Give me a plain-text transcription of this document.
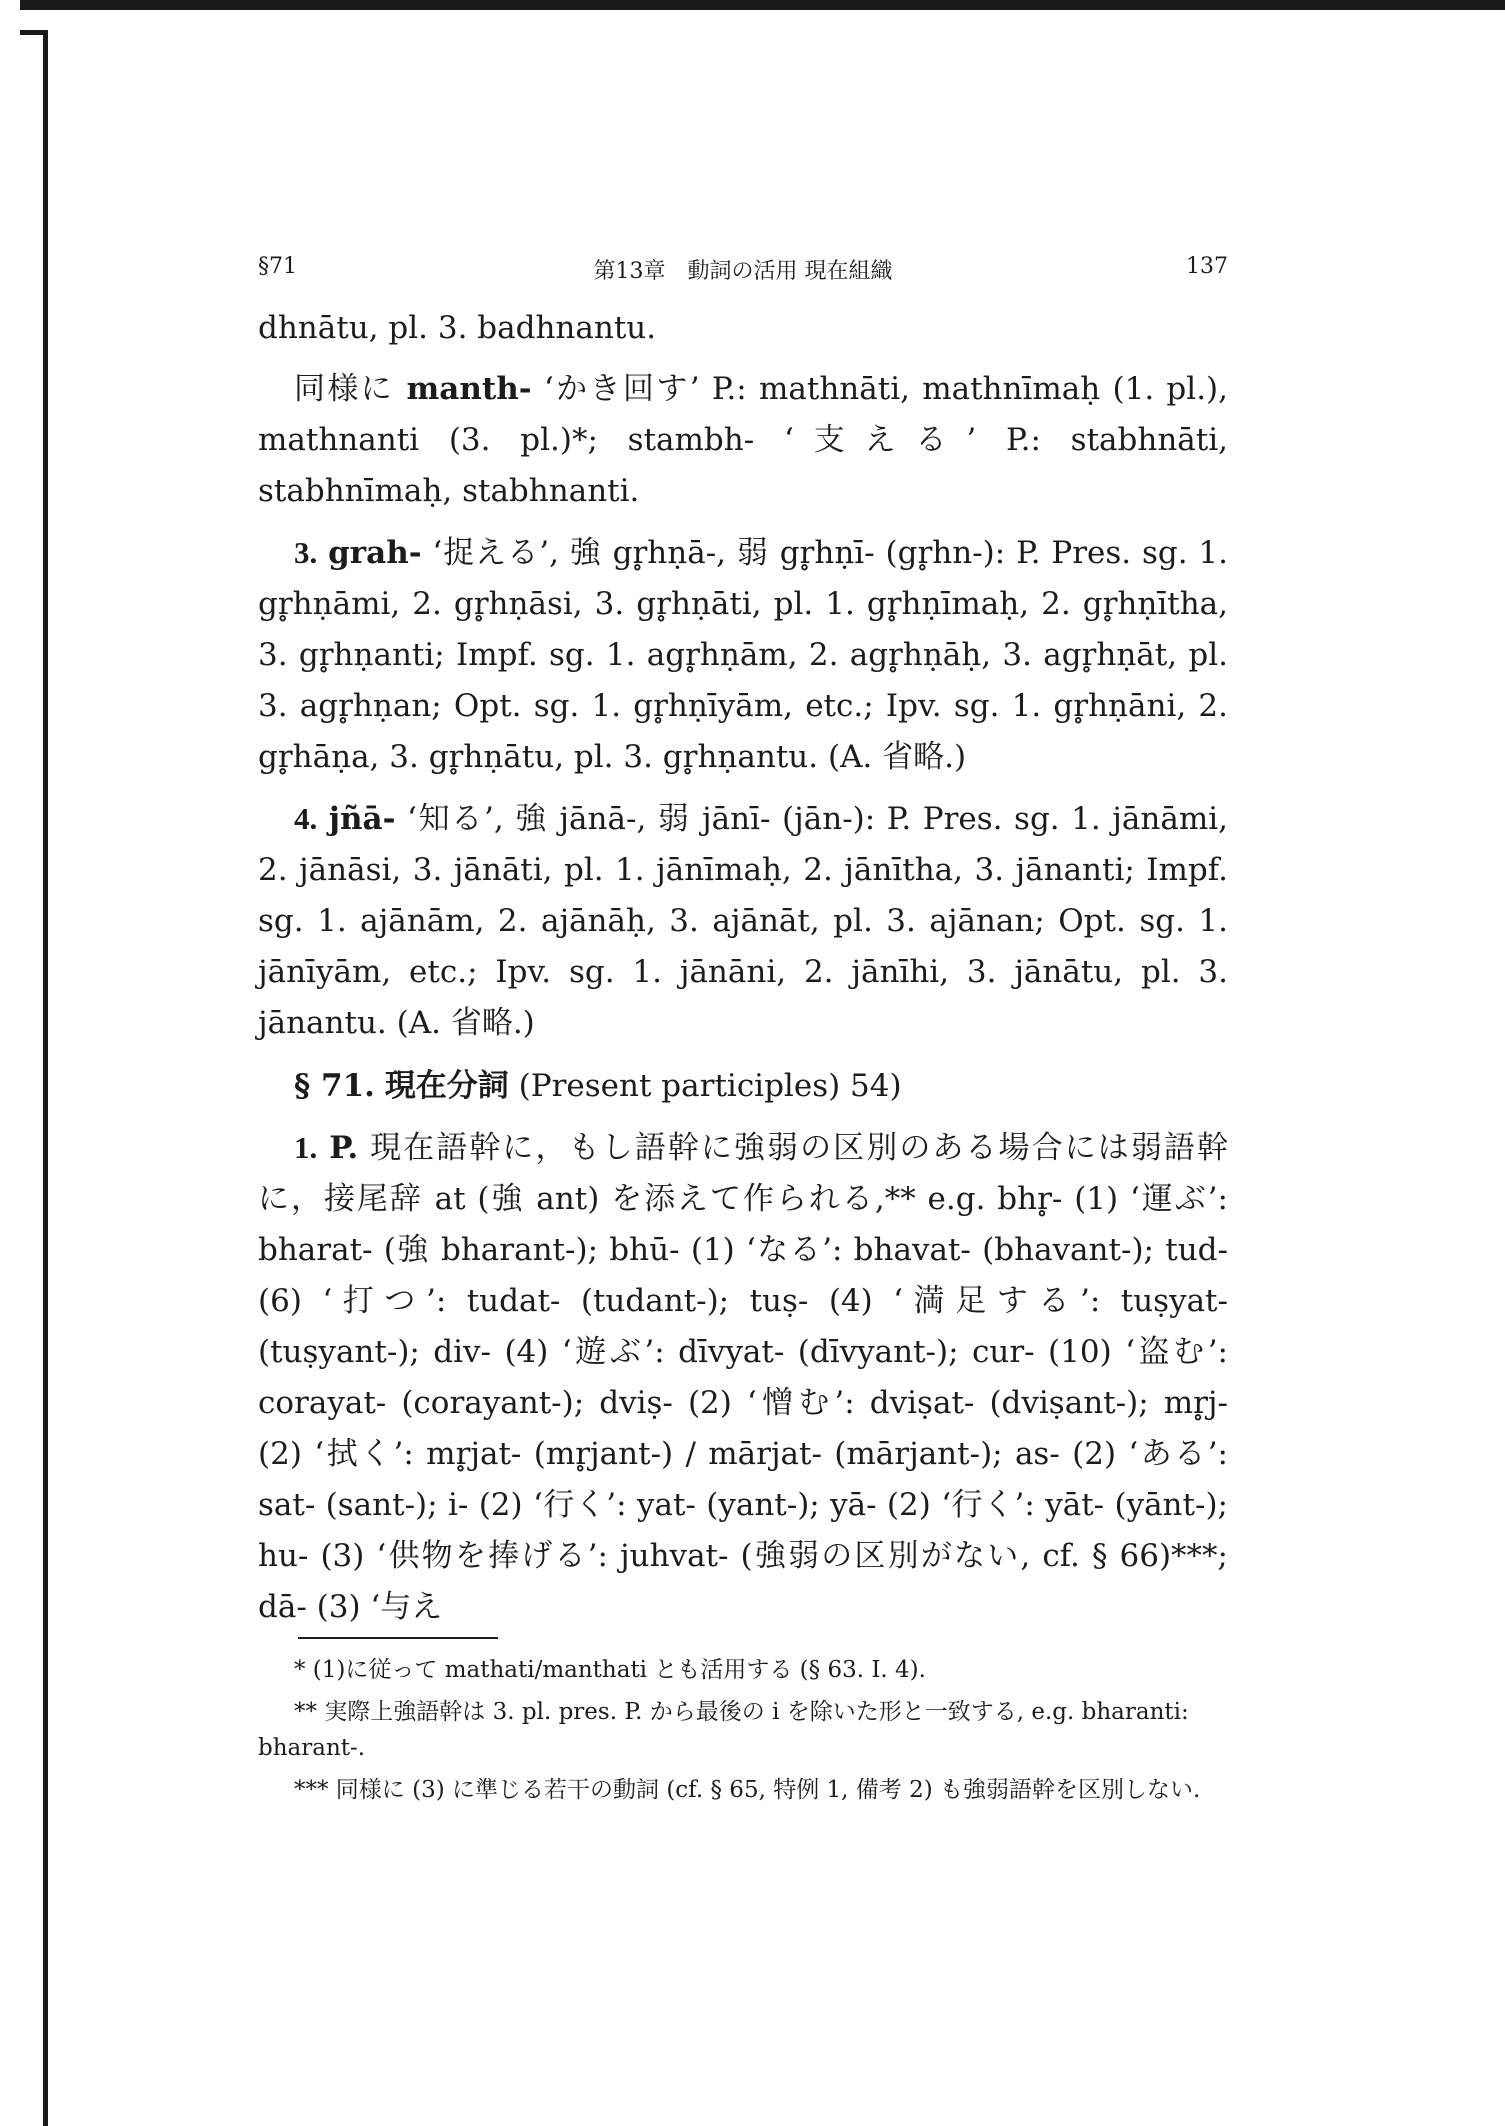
§71	第13章　動詞の活用 現在組織	137

dhnātu, pl. 3. badhnantu.

同様に manth- ‘かき回す’ P.: mathnāti, mathnīmaḥ (1. pl.), mathnanti (3. pl.)*; stambh- ‘支える’ P.: stabhnāti, stabhnīmaḥ, stabhnanti.

3. grah- ‘捉える’, 強 gr̥hṇā-, 弱 gr̥hṇī- (gr̥hn-): P. Pres. sg. 1. gr̥hṇāmi, 2. gr̥hṇāsi, 3. gr̥hṇāti, pl. 1. gr̥hṇīmaḥ, 2. gr̥hṇītha, 3. gr̥hṇanti; Impf. sg. 1. agr̥hṇām, 2. agr̥hṇāḥ, 3. agr̥hṇāt, pl. 3. agr̥hṇan; Opt. sg. 1. gr̥hṇīyām, etc.; Ipv. sg. 1. gr̥hṇāni, 2. gr̥hāṇa, 3. gr̥hṇātu, pl. 3. gr̥hṇantu. (A. 省略.)

4. jñā- ‘知る’, 強 jānā-, 弱 jānī- (jān-): P. Pres. sg. 1. jānāmi, 2. jānāsi, 3. jānāti, pl. 1. jānīmaḥ, 2. jānītha, 3. jānanti; Impf. sg. 1. ajānām, 2. ajānāḥ, 3. ajānāt, pl. 3. ajānan; Opt. sg. 1. jānīyām, etc.; Ipv. sg. 1. jānāni, 2. jānīhi, 3. jānātu, pl. 3. jānantu. (A. 省略.)

§ 71. 現在分詞 (Present participles) 54)

1. P. 現在語幹に，もし語幹に強弱の区別のある場合には弱語幹に，接尾辞 at (強 ant) を添えて作られる,** e.g. bhr̥- (1) ‘運ぶ’: bharat- (強 bharant-); bhū- (1) ‘なる’: bhavat- (bhavant-); tud- (6) ‘打つ’: tudat- (tudant-); tuṣ- (4) ‘満足する’: tuṣyat- (tuṣyant-); div- (4) ‘遊ぶ’: dīvyat- (dīvyant-); cur- (10) ‘盗む’: corayat- (corayant-); dviṣ- (2) ‘憎む’: dviṣat- (dviṣant-); mr̥j- (2) ‘拭く’: mr̥jat- (mr̥jant-) / mārjat- (mārjant-); as- (2) ‘ある’: sat- (sant-); i- (2) ‘行く’: yat- (yant-); yā- (2) ‘行く’: yāt- (yānt-); hu- (3) ‘供物を捧げる’: juhvat- (強弱の区別がない, cf. § 66)***; dā- (3) ‘与え

* (1)に従って mathati/manthati とも活用する (§ 63. I. 4).

** 実際上強語幹は 3. pl. pres. P. から最後の i を除いた形と一致する, e.g. bharanti: bharant-.

*** 同様に (3) に準じる若干の動詞 (cf. § 65, 特例 1, 備考 2) も強弱語幹を区別しない.
